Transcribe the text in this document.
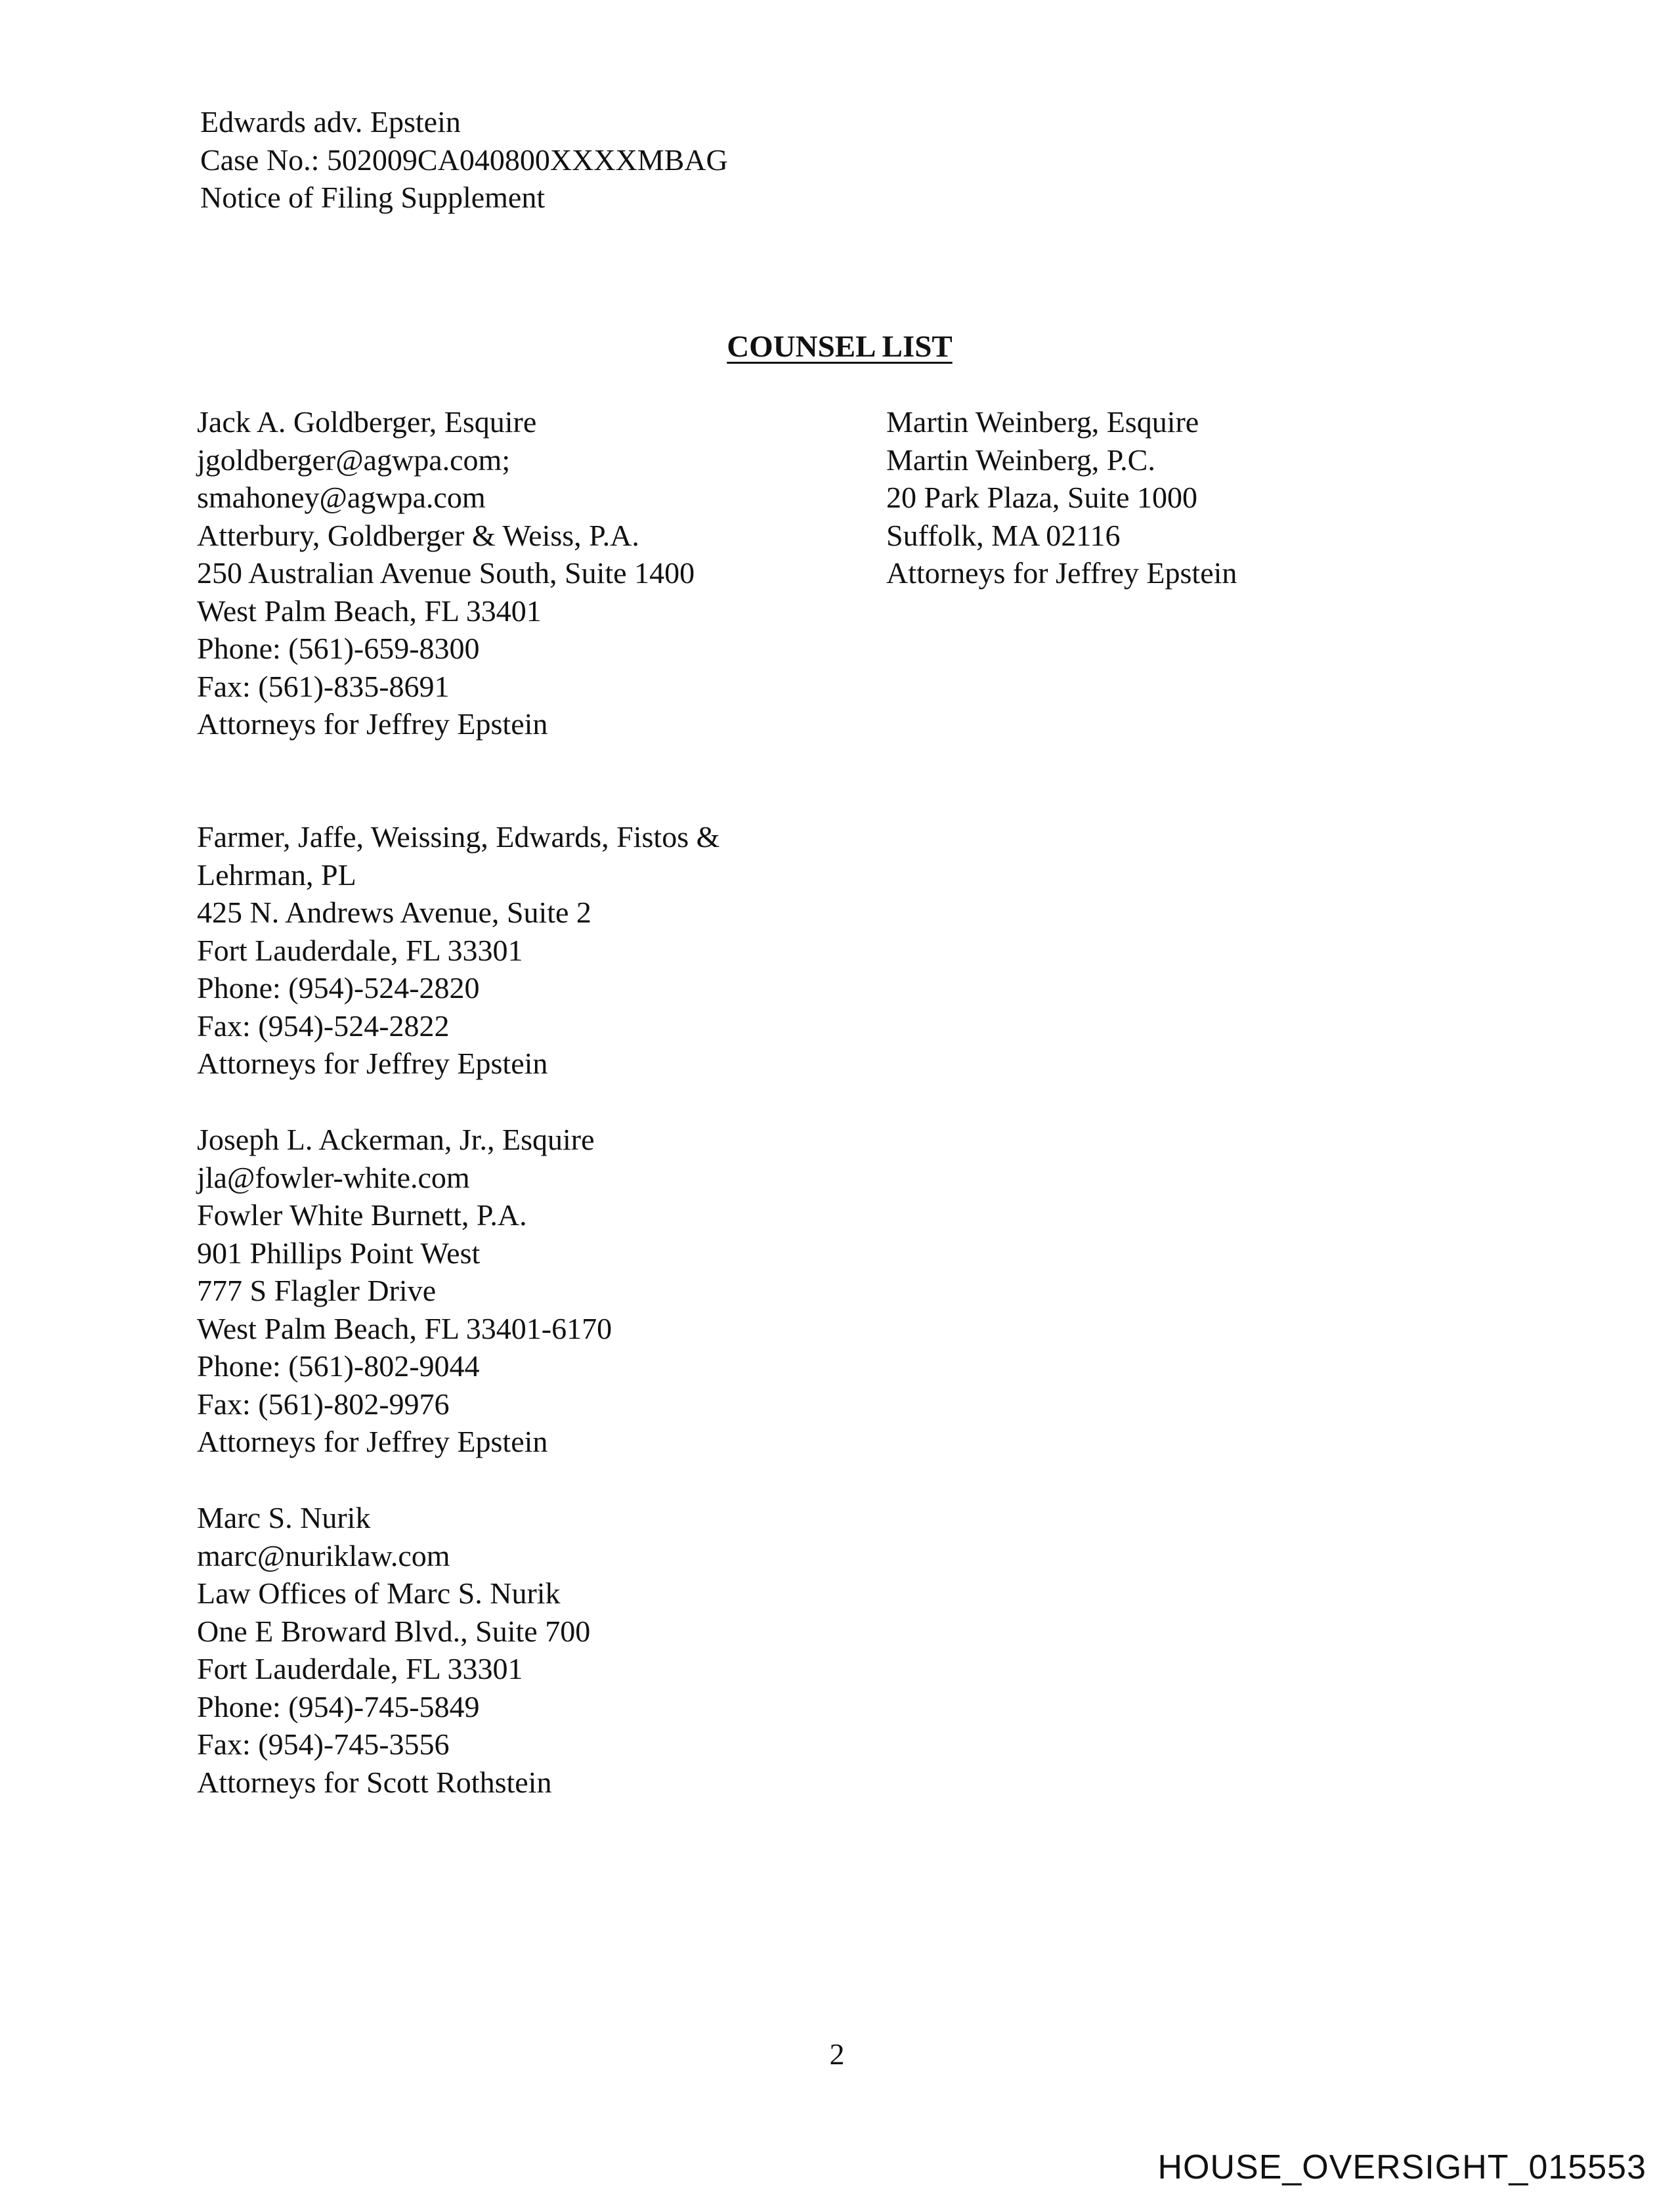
Edwards adv. Epstein

Case No.: 502009CA040800XXXXMBAG

Notice of Filing Supplement

COUNSEL LIST

Jack A. Goldberger, Esquire

jgoldberger@agwpa.com;

smahoney@agwpa.com

Atterbury, Goldberger & Weiss, P.A.

250 Australian Avenue South, Suite 1400

West Palm Beach, FL 33401

Phone: (561)-659-8300

Fax: (561)-835-8691

Attorneys for Jeffrey Epstein

Martin Weinberg, Esquire

Martin Weinberg, P.C.

20 Park Plaza, Suite 1000

Suffolk, MA 02116

Attorneys for Jeffrey Epstein

Farmer, Jaffe, Weissing, Edwards, Fistos &

Lehrman, PL

425 N. Andrews Avenue, Suite 2

Fort Lauderdale, FL 33301

Phone: (954)-524-2820

Fax: (954)-524-2822

Attorneys for Jeffrey Epstein

Joseph L. Ackerman, Jr., Esquire

jla@fowler-white.com

Fowler White Burnett, P.A.

901 Phillips Point West

777 S Flagler Drive

West Palm Beach, FL 33401-6170

Phone: (561)-802-9044

Fax: (561)-802-9976

Attorneys for Jeffrey Epstein

Marc S. Nurik

marc@nuriklaw.com

Law Offices of Marc S. Nurik

One E Broward Blvd., Suite 700

Fort Lauderdale, FL 33301

Phone: (954)-745-5849

Fax: (954)-745-3556

Attorneys for Scott Rothstein

2
HOUSE_OVERSIGHT_015553
